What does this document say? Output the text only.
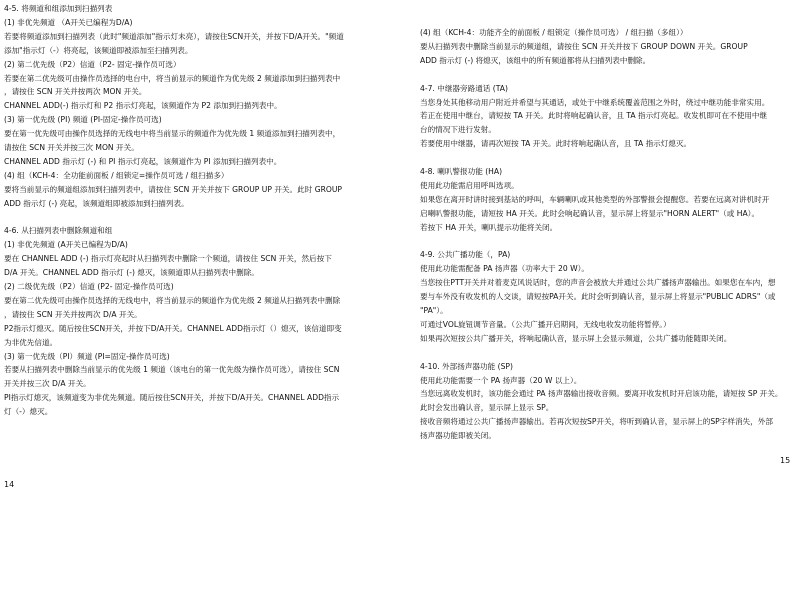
4-5. 将频道和组添加到扫描列表
(1) 非优先频道 （A开关已编程为D/A)
若要将频道添加到扫描列表（此时"频道添加"指示灯未亮），请按住SCN开关，并按下D/A开关。"频道
添加"指示灯（-）将亮起，该频道即被添加至扫描列表。
(2) 第二优先级（P2）信道（P2- 固定-操作员可选）
若要在第二优先级可由操作员选择的电台中，将当前显示的频道作为优先级 2 频道添加到扫描列表中
，请按住 SCN 开关并按两次 MON 开关。
CHANNEL ADD(-) 指示灯和 P2 指示灯亮起，该频道作为 P2 添加到扫描列表中。
(3) 第一优先级 (PI) 频道 (PI-固定-操作员可选)
要在第一优先级可由操作员选择的无线电中将当前显示的频道作为优先级 1 频道添加到扫描列表中，
请按住 SCN 开关并按三次 MON 开关。
CHANNEL ADD 指示灯 (-) 和 PI 指示灯亮起，该频道作为 PI 添加到扫描列表中。
(4) 组（KCH-4：全功能前面板 / 组锁定=操作员可选 / 组扫描多）
要将当前显示的频道组添加到扫描列表中，请按住 SCN 开关并按下 GROUP UP 开关。此时 GROUP
ADD 指示灯 (-) 亮起，该频道组即被添加到扫描列表。
4-6. 从扫描列表中删除频道和组
(1) 非优先频道 (A开关已编程为D/A)
要在 CHANNEL ADD (-) 指示灯亮起时从扫描列表中删除一个频道，请按住 SCN 开关，然后按下
D/A 开关。CHANNEL ADD 指示灯 (-) 熄灭，该频道即从扫描列表中删除。
(2) 二级优先级（P2）信道 (P2- 固定-操作员可选)
要在第二优先级可由操作员选择的无线电中，将当前显示的频道作为优先级 2 频道从扫描列表中删除
，请按住 SCN 开关并按两次 D/A 开关。
P2指示灯熄灭。随后按住SCN开关，并按下D/A开关。CHANNEL ADD指示灯（）熄灭，该信道即变
为非优先信道。
(3) 第一优先级（PI）频道 (PI=固定-操作员可选)
若要从扫描列表中删除当前显示的优先级 1 频道（该电台的第一优先级为操作员可选），请按住 SCN
开关并按三次 D/A 开关。
PI指示灯熄灭，该频道变为非优先频道。随后按住SCN开关，并按下D/A开关。CHANNEL ADD指示
灯（-）熄灭。
(4) 组（KCH-4：功能齐全的前面板 / 组锁定（操作员可选） / 组扫描（多组））
要从扫描列表中删除当前显示的频道组，请按住 SCN 开关并按下 GROUP DOWN 开关。GROUP
ADD 指示灯 (-) 将熄灭，该组中的所有频道都将从扫描列表中删除。
4-7. 中继器旁路通话 (TA)
当您身处其他移动用户附近并希望与其通话，或处于中继系统覆盖范围之外时，绕过中继功能非常实用。
若正在使用中继台，请短按 TA 开关。此时将响起确认音，且 TA 指示灯亮起。收发机即可在不使用中继
台的情况下进行发射。
若要使用中继器，请再次短按 TA 开关。此时将响起确认音，且 TA 指示灯熄灭。
4-8. 喇叭警报功能 (HA)
使用此功能需启用呼叫选项。
如果您在离开时讲时接到基站的呼叫，车辆喇叭或其他类型的外部警报会提醒您。若要在远离对讲机时开
启喇叭警报功能，请短按 HA 开关。此时会响起确认音，显示屏上将显示"HORN ALERT"（或 HA）。
若按下 HA 开关，喇叭提示功能将关闭。
4-9. 公共广播功能（，PA)
使用此功能需配备 PA 扬声器（功率大于 20 W）。
当您按住PTT开关并对着麦克风说话时，您的声音会被放大并通过公共广播扬声器输出。如果您在车内，想
要与车外没有收发机的人交谈，请短按PA开关。此时会听到确认音，显示屏上将显示"PUBLIC ADRS"（或
"PA"）。
可通过VOL旋钮调节音量。（公共广播开启期间，无线电收发功能将暂停。）
如果再次短按公共广播开关，将响起确认音，显示屏上会显示频道，公共广播功能随即关闭。
4-10. 外部扬声器功能 (SP)
使用此功能需要一个 PA 扬声器（20 W 以上）。
当您远离收发机时，该功能会通过 PA 扬声器输出接收音频。要离开收发机时开启该功能，请短按 SP 开关。
此时会发出确认音，显示屏上显示 SP。
接收音频将通过公共广播扬声器输出。若再次短按SP开关，将听到确认音，显示屏上的SP字样消失，外部
扬声器功能即被关闭。
14
15
